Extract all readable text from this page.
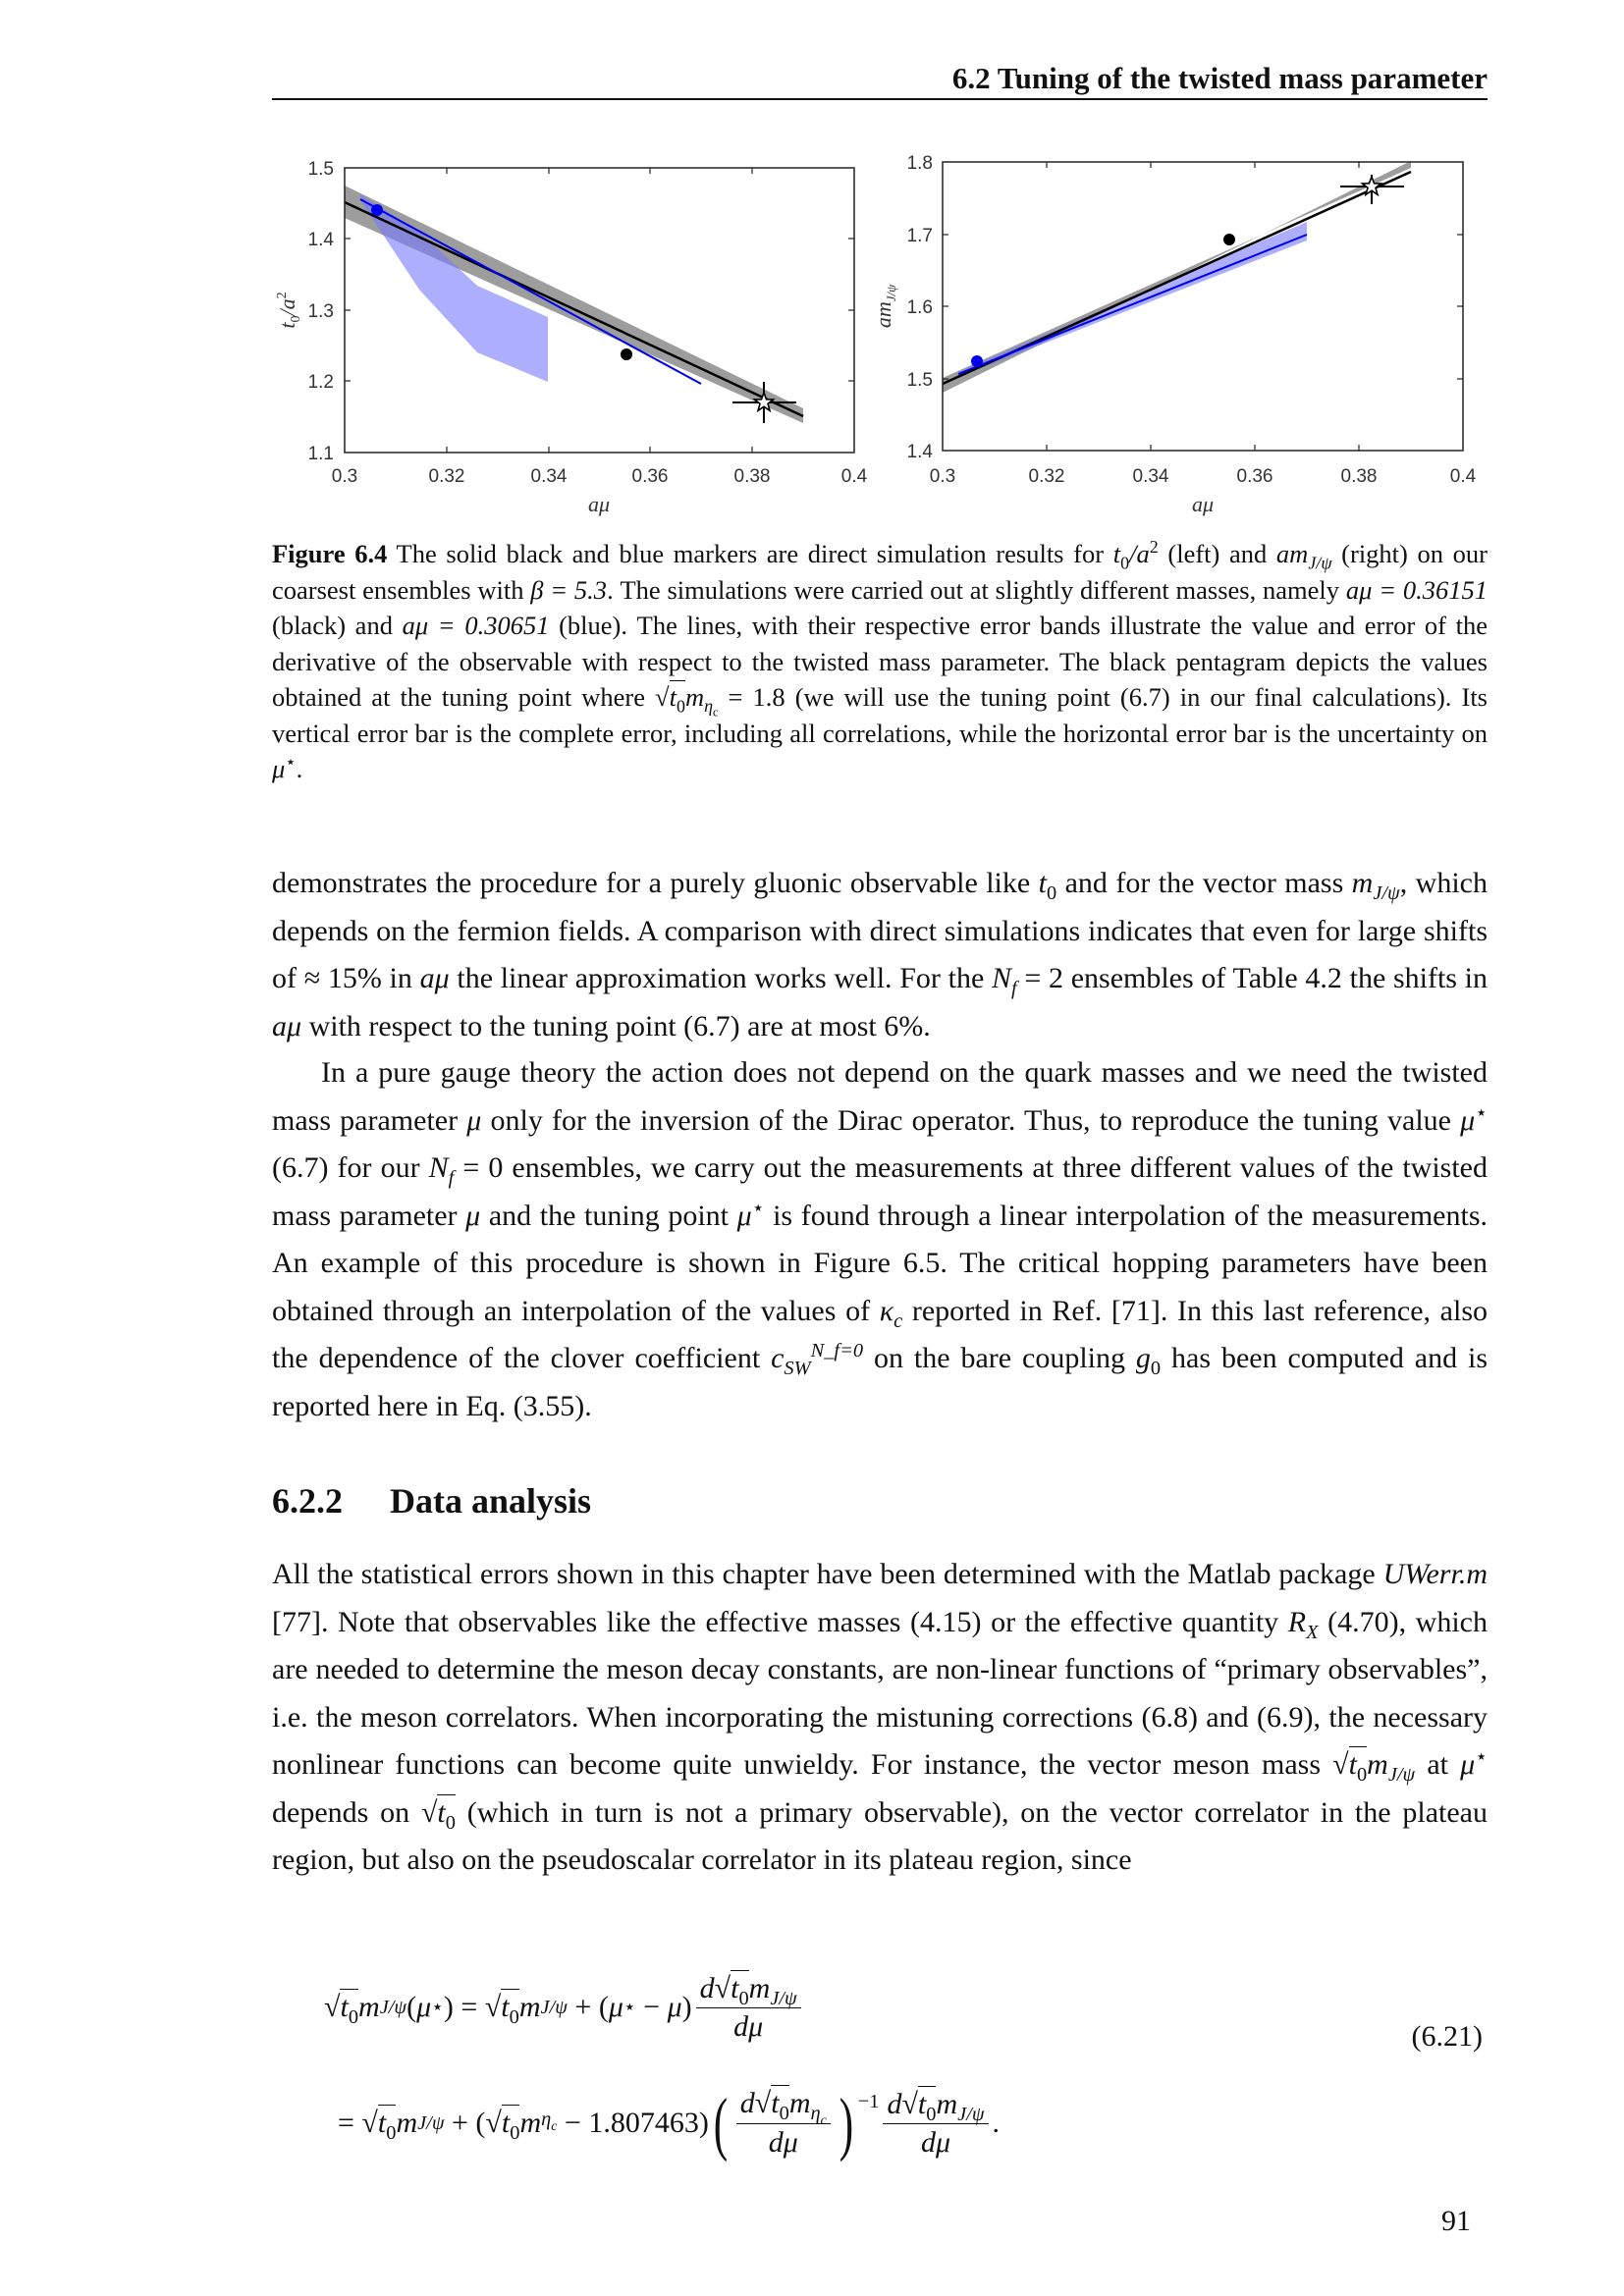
6.2 Tuning of the twisted mass parameter
1.5
1.4
1.3
1.2
1.1
0.3	0.32	0.34	0.36	0.38	0.4
aμ
$t_0/a^2$
1.8
1.7
1.6
1.5
1.4
0.3	0.32	0.34	0.36	0.38	0.4
aμ
$am_{J/\psi}$
Figure 6.4 The solid black and blue markers are direct simulation results for $t_0/a^2$ (left) and $am_{J/\psi}$ (right) on our coarsest ensembles with β = 5.3. The simulations were carried out at slightly different masses, namely aμ = 0.36151 (black) and aμ = 0.30651 (blue). The lines, with their respective error bands illustrate the value and error of the derivative of the observable with respect to the twisted mass parameter. The black pentagram depicts the values obtained at the tuning point where $√t_0m_{\eta_c} = 1.8$ (we will use the tuning point (6.7) in our final calculations). Its vertical error bar is the complete error, including all correlations, while the horizontal error bar is the uncertainty on μ⋆.

demonstrates the procedure for a purely gluonic observable like $t_0$ and for the vector mass $m_{J/\psi}$, which depends on the fermion fields. A comparison with direct simulations indicates that even for large shifts of ≈ 15% in aμ the linear approximation works well. For the $N_f = 2$ ensembles of Table 4.2 the shifts in aμ with respect to the tuning point (6.7) are at most 6%.

In a pure gauge theory the action does not depend on the quark masses and we need the twisted mass parameter μ only for the inversion of the Dirac operator. Thus, to reproduce the tuning value μ⋆ (6.7) for our $N_f = 0$ ensembles, we carry out the measurements at three different values of the twisted mass parameter μ and the tuning point μ⋆ is found through a linear interpolation of the measurements. An example of this procedure is shown in Figure 6.5. The critical hopping parameters have been obtained through an interpolation of the values of $\kappa_c$ reported in Ref. [71]. In this last reference, also the dependence of the clover coefficient $c_{SW}^{N\_f=0}$ on the bare coupling $g_0$ has been computed and is reported here in Eq. (3.55).

6.2.2 Data analysis

All the statistical errors shown in this chapter have been determined with the Matlab package UWerr.m [77]. Note that observables like the effective masses (4.15) or the effective quantity $R_X$ (4.70), which are needed to determine the meson decay constants, are non-linear functions of “primary observables”, i.e. the meson correlators. When incorporating the mistuning corrections (6.8) and (6.9), the necessary nonlinear functions can become quite unwieldy. For instance, the vector meson mass $√t_0m_{J/\psi}$ at μ⋆ depends on $√t_0$ (which in turn is not a primary observable), on the vector correlator in the plateau region, but also on the pseudoscalar correlator in its plateau region, since

$√t_0$ m J/ψ ( μ ⋆ ) = $√t_0$ m J/ψ + ( μ ⋆ − μ ) $\frac{d√t_0m_{J/\psi}}{d\mu}$
= $√t_0$ m J/ψ + ( $√t_0$ m $\eta_c - 1.807463$ ) ( $\frac{d√t_0m_{\eta_c}}{d\mu} )^{-1} \frac{d√t_0m_{J/\psi}}{d\mu}$ .
(6.21)
91
